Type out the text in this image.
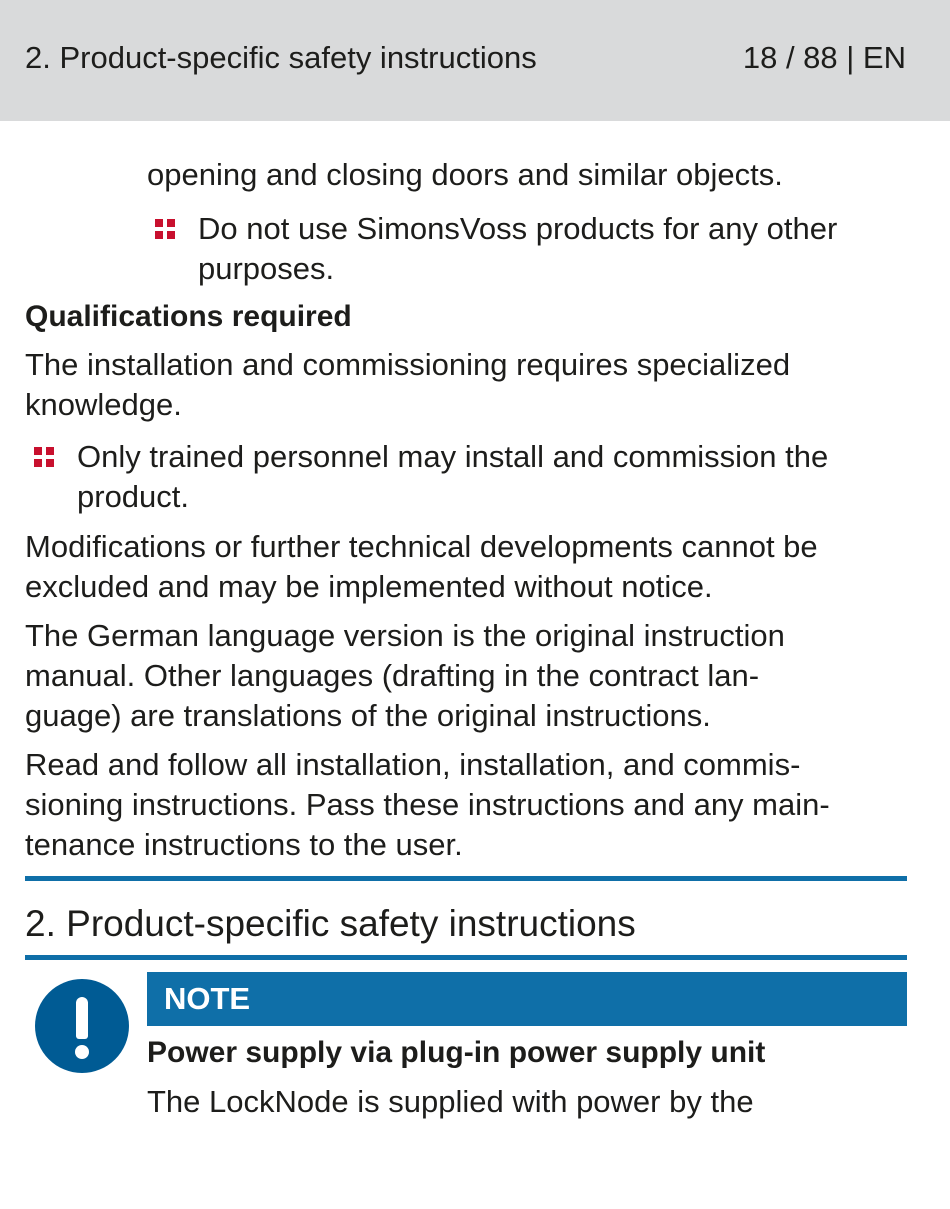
2. Product-specific safety instructions	18 / 88 | EN
opening and closing doors and similar objects.
Do not use SimonsVoss products for any other
purposes.
Qualifications required
The installation and commissioning requires specialized
knowledge.
Only trained personnel may install and commission the
product.
Modifications or further technical developments cannot be
excluded and may be implemented without notice.
The German language version is the original instruction
manual. Other languages (drafting in the contract lan-
guage) are translations of the original instructions.
Read and follow all installation, installation, and commis-
sioning instructions. Pass these instructions and any main-
tenance instructions to the user.
2. Product-specific safety instructions
NOTE
Power supply via plug-in power supply unit
The LockNode is supplied with power by the
